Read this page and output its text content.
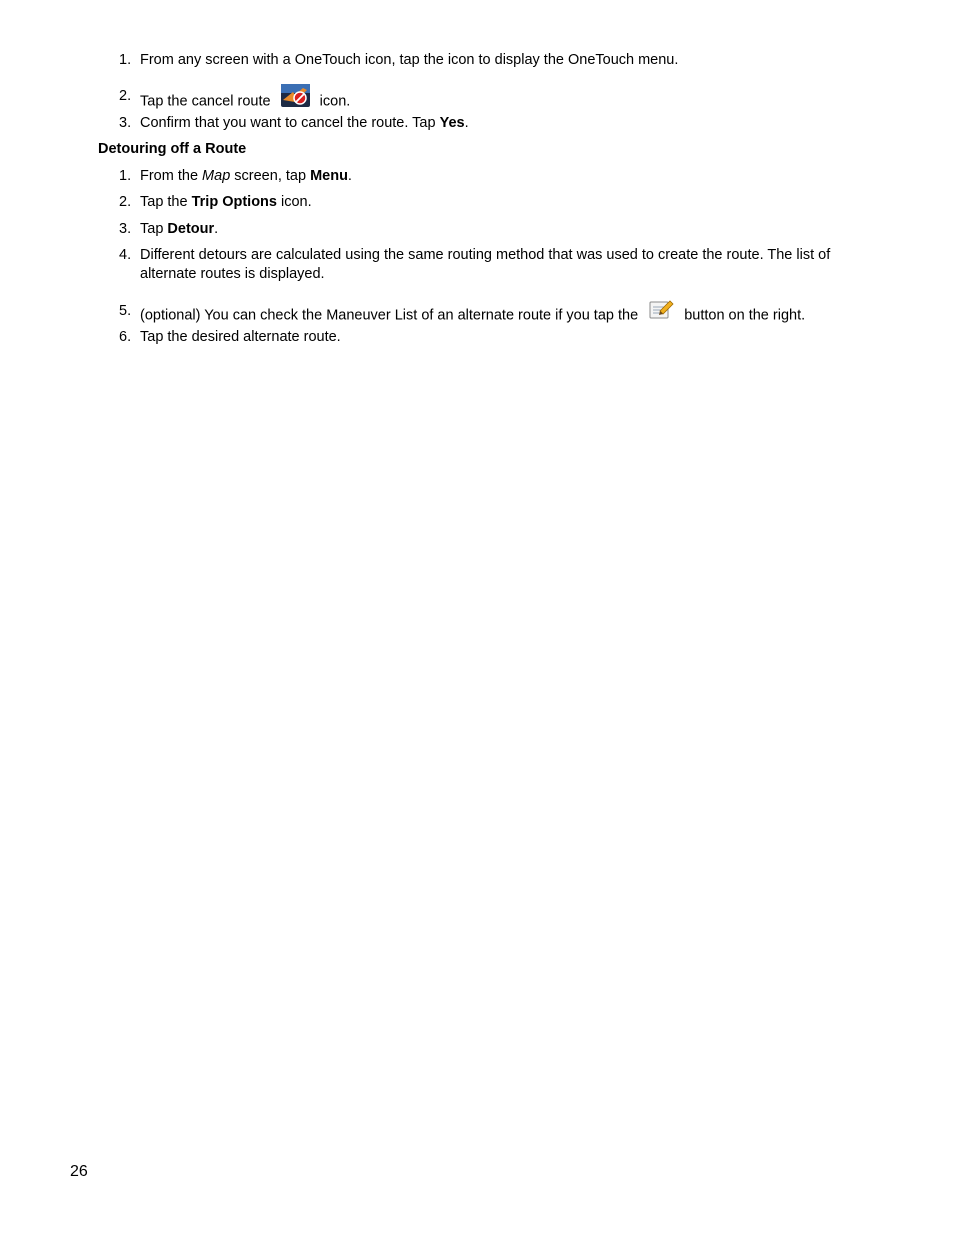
1. From any screen with a OneTouch icon, tap the icon to display the OneTouch menu.
2. Tap the cancel route	icon.
3. Confirm that you want to cancel the route. Tap Yes.
Detouring off a Route
1. From the Map screen, tap Menu.
2. Tap the Trip Options icon.
3. Tap Detour.
4. Different detours are calculated using the same routing method that was used to create the route. The list of alternate routes is displayed.
5. (optional) You can check the Maneuver List of an alternate route if you tap the	button on the right.
6. Tap the desired alternate route.
26
